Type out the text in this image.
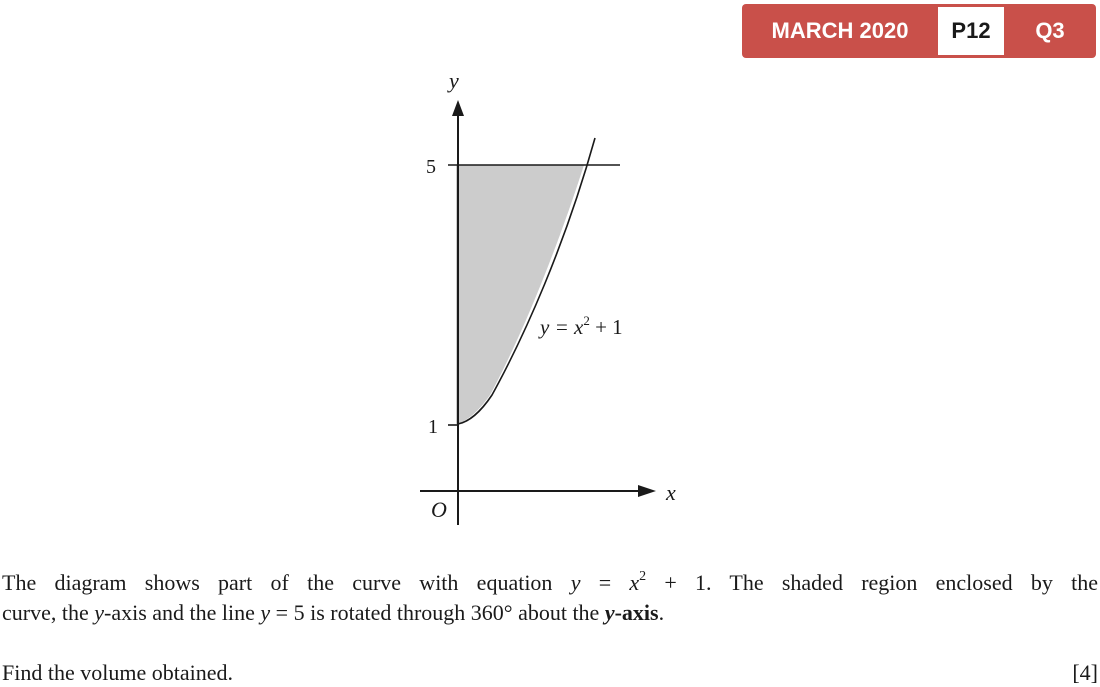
MARCH 2020	P12	Q3
y
x
O
5
1
$y = x^2 + 1$
The diagram shows part of the curve with equation $y = x^2 + 1$. The shaded region enclosed by the
curve, the y-axis and the line y = 5 is rotated through 360° about the y-axis.
Find the volume obtained.	[4]
